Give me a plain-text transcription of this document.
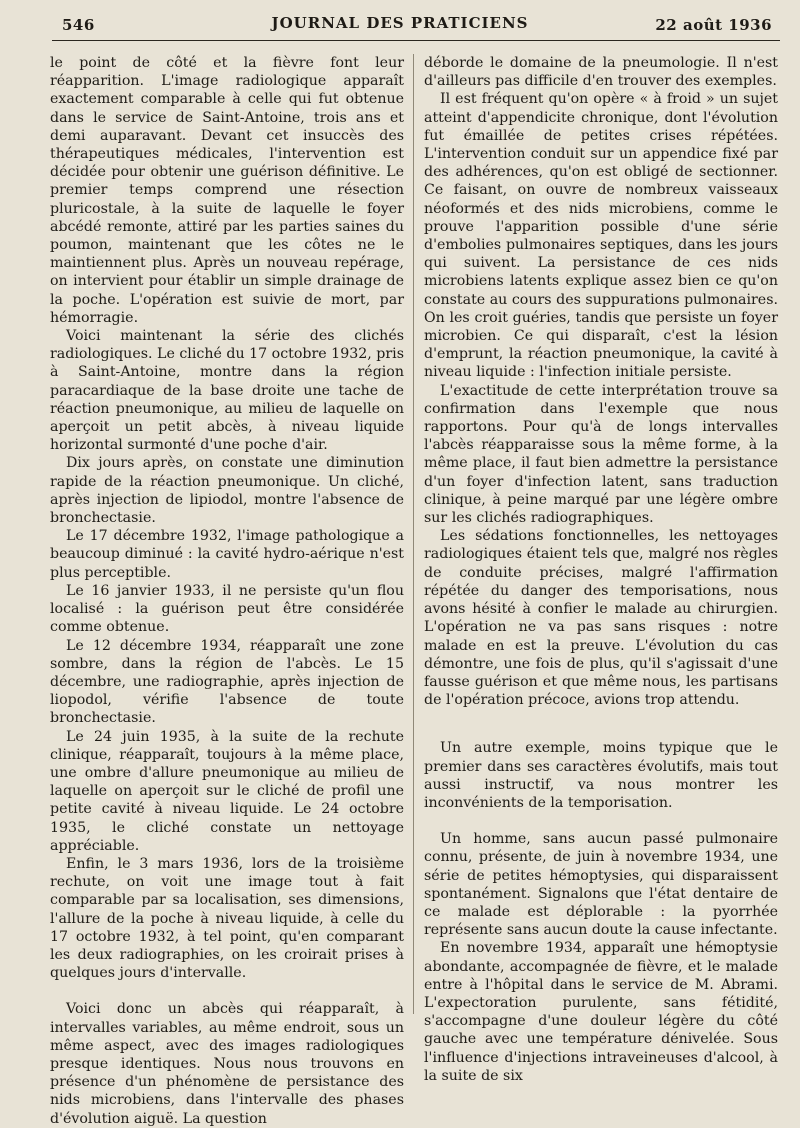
546	JOURNAL DES PRATICIENS	22 août 1936

le point de côté et la fièvre font leur réapparition. L'image radiologique apparaît exactement comparable à celle qui fut obtenue dans le service de Saint-Antoine, trois ans et demi auparavant. Devant cet insuccès des thérapeutiques médicales, l'intervention est décidée pour obtenir une guérison définitive. Le premier temps comprend une résection pluricostale, à la suite de laquelle le foyer abcédé remonte, attiré par les parties saines du poumon, maintenant que les côtes ne le maintiennent plus. Après un nouveau repérage, on intervient pour établir un simple drainage de la poche. L'opération est suivie de mort, par hémorragie.

Voici maintenant la série des clichés radiologiques. Le cliché du 17 octobre 1932, pris à Saint-Antoine, montre dans la région paracardiaque de la base droite une tache de réaction pneumonique, au milieu de laquelle on aperçoit un petit abcès, à niveau liquide horizontal surmonté d'une poche d'air.

Dix jours après, on constate une diminution rapide de la réaction pneumonique. Un cliché, après injection de lipiodol, montre l'absence de bronchectasie.

Le 17 décembre 1932, l'image pathologique a beaucoup diminué : la cavité hydro-aérique n'est plus perceptible.

Le 16 janvier 1933, il ne persiste qu'un flou localisé : la guérison peut être considérée comme obtenue.

Le 12 décembre 1934, réapparaît une zone sombre, dans la région de l'abcès. Le 15 décembre, une radiographie, après injection de liopodol, vérifie l'absence de toute bronchectasie.

Le 24 juin 1935, à la suite de la rechute clinique, réapparaît, toujours à la même place, une ombre d'allure pneumonique au milieu de laquelle on aperçoit sur le cliché de profil une petite cavité à niveau liquide. Le 24 octobre 1935, le cliché constate un nettoyage appréciable.

Enfin, le 3 mars 1936, lors de la troisième rechute, on voit une image tout à fait comparable par sa localisation, ses dimensions, l'allure de la poche à niveau liquide, à celle du 17 octobre 1932, à tel point, qu'en comparant les deux radiographies, on les croirait prises à quelques jours d'intervalle.

Voici donc un abcès qui réapparaît, à intervalles variables, au même endroit, sous un même aspect, avec des images radiologiques presque identiques. Nous nous trouvons en présence d'un phénomène de persistance des nids microbiens, dans l'intervalle des phases d'évolution aiguë. La question

déborde le domaine de la pneumologie. Il n'est d'ailleurs pas difficile d'en trouver des exemples.

Il est fréquent qu'on opère « à froid » un sujet atteint d'appendicite chronique, dont l'évolution fut émaillée de petites crises répétées. L'intervention conduit sur un appendice fixé par des adhérences, qu'on est obligé de sectionner. Ce faisant, on ouvre de nombreux vaisseaux néoformés et des nids microbiens, comme le prouve l'apparition possible d'une série d'embolies pulmonaires septiques, dans les jours qui suivent. La persistance de ces nids microbiens latents explique assez bien ce qu'on constate au cours des suppurations pulmonaires. On les croit guéries, tandis que persiste un foyer microbien. Ce qui disparaît, c'est la lésion d'emprunt, la réaction pneumonique, la cavité à niveau liquide : l'infection initiale persiste.

L'exactitude de cette interprétation trouve sa confirmation dans l'exemple que nous rapportons. Pour qu'à de longs intervalles l'abcès réapparaisse sous la même forme, à la même place, il faut bien admettre la persistance d'un foyer d'infection latent, sans traduction clinique, à peine marqué par une légère ombre sur les clichés radiographiques.

Les sédations fonctionnelles, les nettoyages radiologiques étaient tels que, malgré nos règles de conduite précises, malgré l'affirmation répétée du danger des temporisations, nous avons hésité à confier le malade au chirurgien. L'opération ne va pas sans risques : notre malade en est la preuve. L'évolution du cas démontre, une fois de plus, qu'il s'agissait d'une fausse guérison et que même nous, les partisans de l'opération précoce, avions trop attendu.

Un autre exemple, moins typique que le premier dans ses caractères évolutifs, mais tout aussi instructif, va nous montrer les inconvénients de la temporisation.

Un homme, sans aucun passé pulmonaire connu, présente, de juin à novembre 1934, une série de petites hémoptysies, qui disparaissent spontanément. Signalons que l'état dentaire de ce malade est déplorable : la pyorrhée représente sans aucun doute la cause infectante.

En novembre 1934, apparaît une hémoptysie abondante, accompagnée de fièvre, et le malade entre à l'hôpital dans le service de M. Abrami. L'expectoration purulente, sans fétidité, s'accompagne d'une douleur légère du côté gauche avec une température dénivelée. Sous l'influence d'injections intraveineuses d'alcool, à la suite de six
